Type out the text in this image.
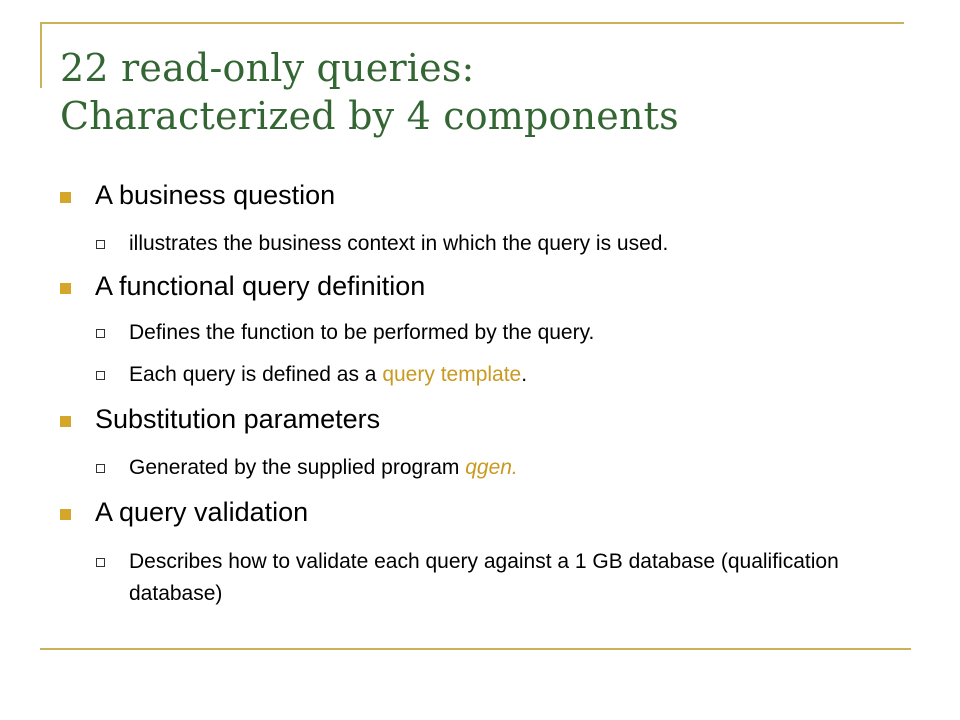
22 read-only queries:
Characterized by 4 components
A business question
illustrates the business context in which the query is used.
A functional query definition
Defines the function to be performed by the query.
Each query is defined as a query template.
Substitution parameters
Generated by the supplied program qgen.
A query validation
Describes how to validate each query against a 1 GB database (qualification database)
